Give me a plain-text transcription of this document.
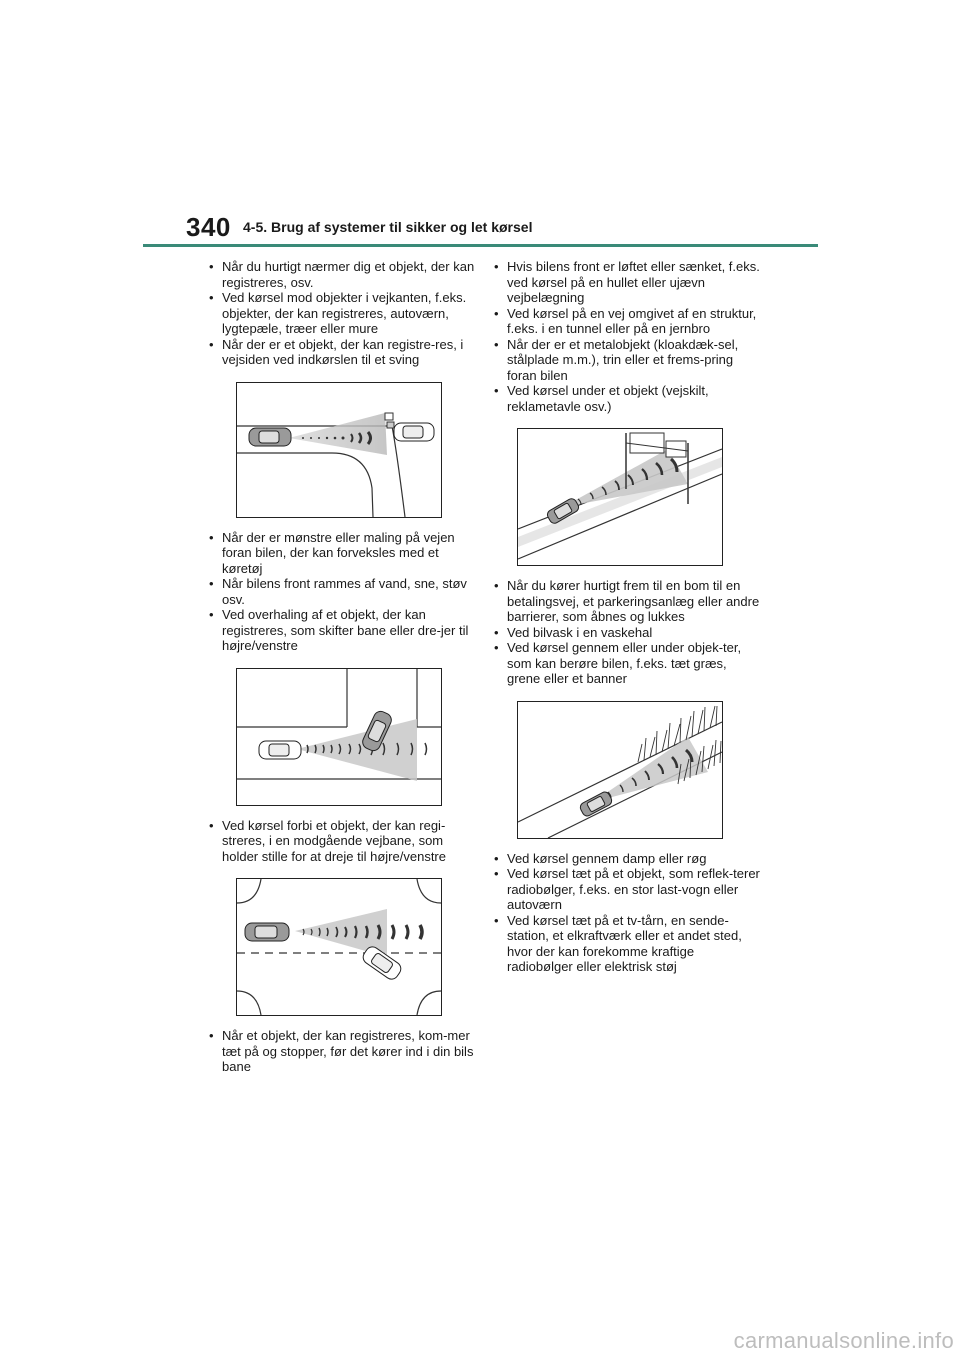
340 4-5. Brug af systemer til sikker og let kørsel
• Når du hurtigt nærmer dig et objekt, der kan registreres, osv.
• Ved kørsel mod objekter i vejkanten, f.eks. objekter, der kan registreres, autoværn, lygtepæle, træer eller mure
• Når der er et objekt, der kan registre-res, i vejsiden ved indkørslen til et sving
• Når der er mønstre eller maling på vejen foran bilen, der kan forveksles med et køretøj
• Når bilens front rammes af vand, sne, støv osv.
• Ved overhaling af et objekt, der kan registreres, som skifter bane eller dre-jer til højre/venstre
• Ved kørsel forbi et objekt, der kan regi-streres, i en modgående vejbane, som holder stille for at dreje til højre/venstre
• Når et objekt, der kan registreres, kom-mer tæt på og stopper, før det kører ind i din bils bane
• Hvis bilens front er løftet eller sænket, f.eks. ved kørsel på en hullet eller ujævn vejbelægning
• Ved kørsel på en vej omgivet af en struktur, f.eks. i en tunnel eller på en jernbro
• Når der er et metalobjekt (kloakdæk-sel, stålplade m.m.), trin eller et frems-pring foran bilen
• Ved kørsel under et objekt (vejskilt, reklametavle osv.)
• Når du kører hurtigt frem til en bom til en betalingsvej, et parkeringsanlæg eller andre barrierer, som åbnes og lukkes
• Ved bilvask i en vaskehal
• Ved kørsel gennem eller under objek-ter, som kan berøre bilen, f.eks. tæt græs, grene eller et banner
• Ved kørsel gennem damp eller røg
• Ved kørsel tæt på et objekt, som reflek-terer radiobølger, f.eks. en stor last-vogn eller autoværn
• Ved kørsel tæt på et tv-tårn, en sende-station, et elkraftværk eller et andet sted, hvor der kan forekomme kraftige radiobølger eller elektrisk støj
carmanualsonline.info
